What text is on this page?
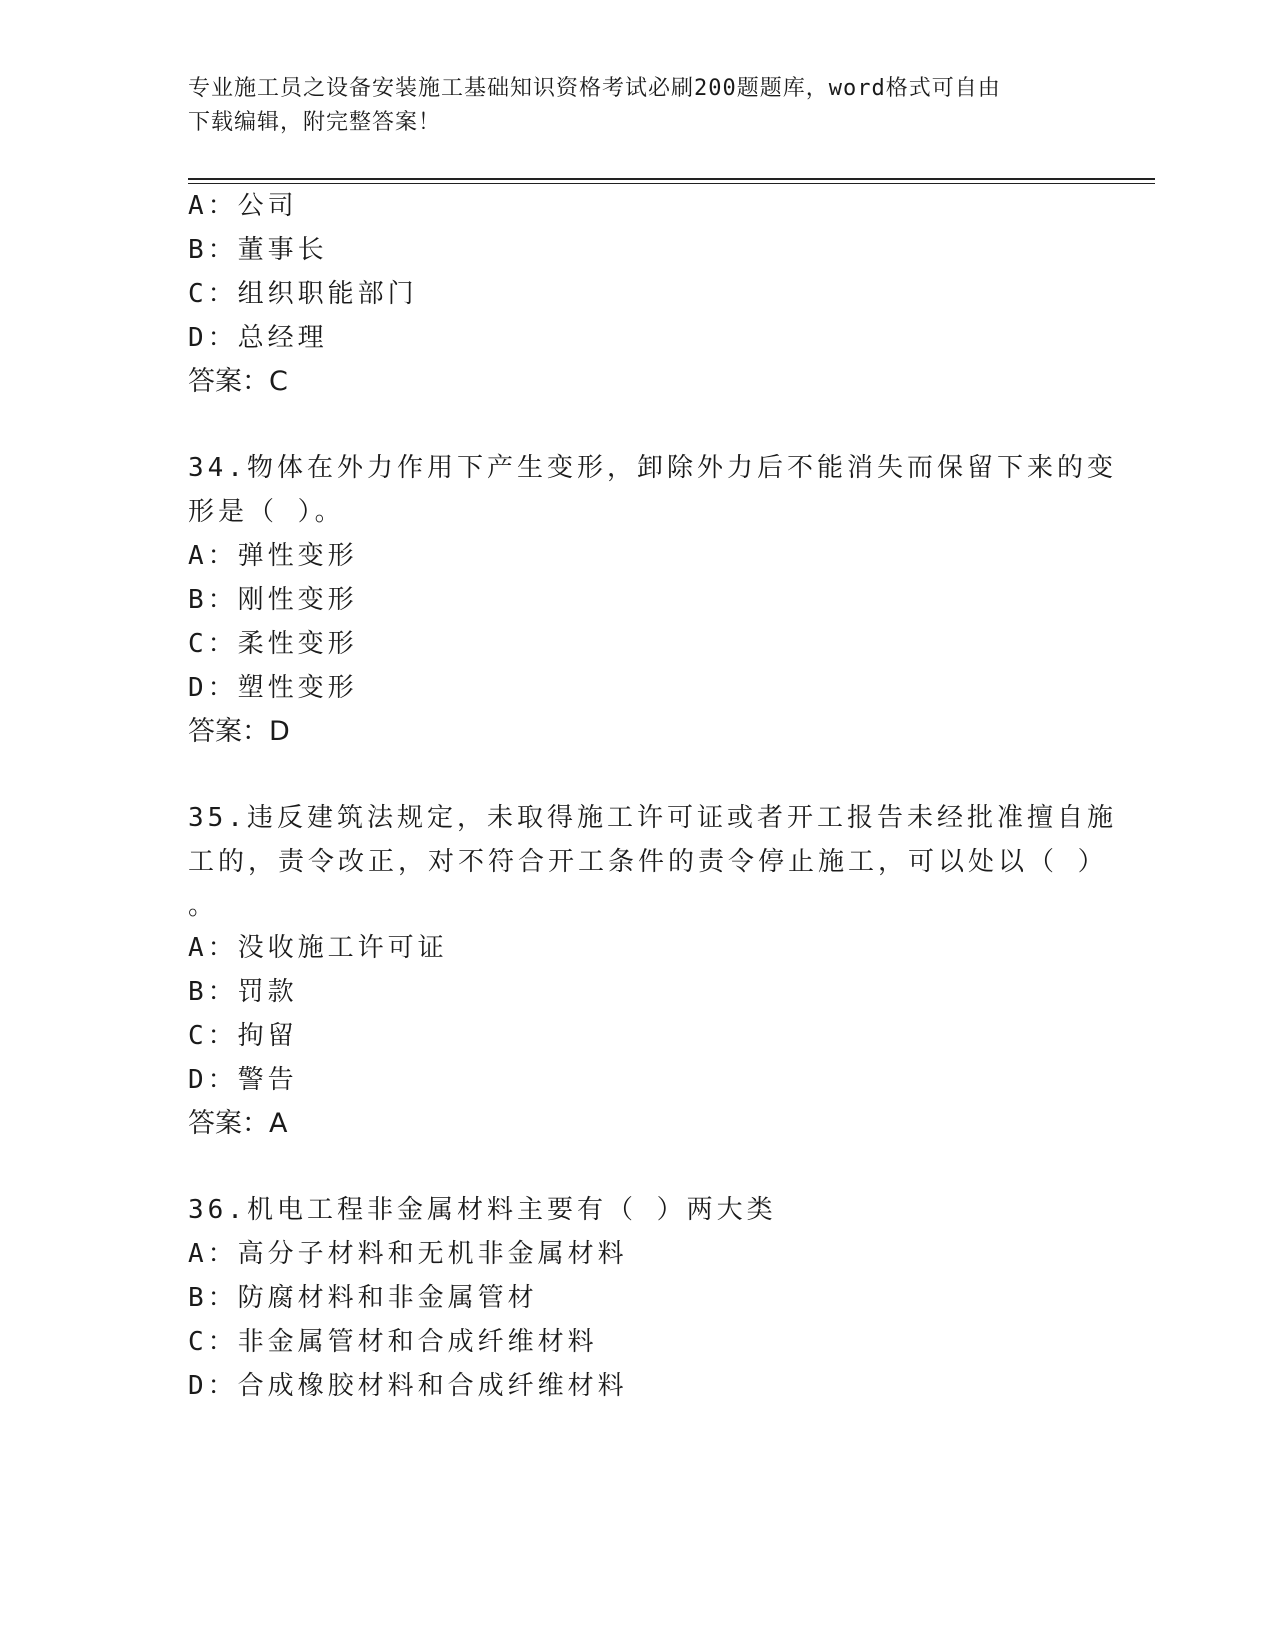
专业施工员之设备安装施工基础知识资格考试必刷200题题库，word格式可自由
下载编辑，附完整答案！
A：公司
B：董事长
C：组织职能部门
D：总经理
答案：C
34.物体在外力作用下产生变形，卸除外力后不能消失而保留下来的变
形是（ ）。
A：弹性变形
B：刚性变形
C：柔性变形
D：塑性变形
答案：D
35.违反建筑法规定，未取得施工许可证或者开工报告未经批准擅自施
工的，责令改正，对不符合开工条件的责令停止施工，可以处以（ ）
。
A：没收施工许可证
B：罚款
C：拘留
D：警告
答案：A
36.机电工程非金属材料主要有（ ）两大类
A：高分子材料和无机非金属材料
B：防腐材料和非金属管材
C：非金属管材和合成纤维材料
D：合成橡胶材料和合成纤维材料
